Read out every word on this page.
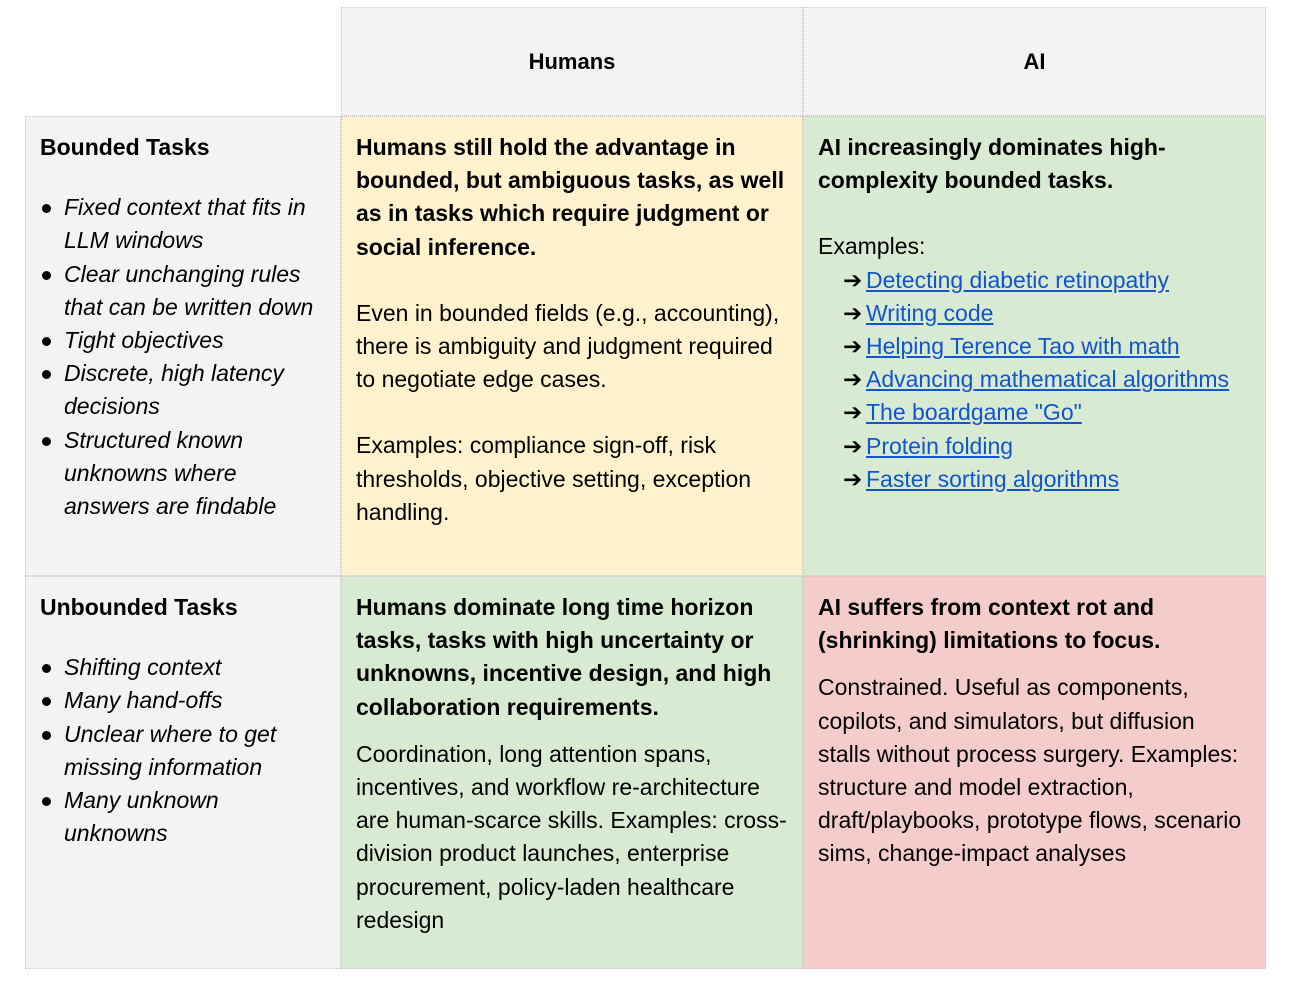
Humans	AI
Bounded Tasks
Fixed context that fits in LLM windows
Clear unchanging rules that can be written down
Tight objectives
Discrete, high latency decisions
Structured known unknowns where answers are findable

Humans still hold the advantage in bounded, but ambiguous tasks, as well as in tasks which require judgment or social inference.

Even in bounded fields (e.g., accounting), there is ambiguity and judgment required to negotiate edge cases.

Examples: compliance sign-off, risk thresholds, objective setting, exception handling.

AI increasingly dominates high-complexity bounded tasks.

Examples:

➔ Detecting diabetic retinopathy
➔ Writing code
➔ Helping Terence Tao with math
➔ Advancing mathematical algorithms
➔ The boardgame "Go"
➔ Protein folding
➔ Faster sorting algorithms
Unbounded Tasks
Shifting context
Many hand-offs
Unclear where to get missing information
Many unknown unknowns

Humans dominate long time horizon tasks, tasks with high uncertainty or unknowns, incentive design, and high collaboration requirements.

Coordination, long attention spans, incentives, and workflow re-architecture are human-scarce skills. Examples: cross-division product launches, enterprise procurement, policy-laden healthcare redesign

AI suffers from context rot and (shrinking) limitations to focus.

Constrained. Useful as components, copilots, and simulators, but diffusion stalls without process surgery. Examples: structure and model extraction, draft/playbooks, prototype flows, scenario sims, change-impact analyses
